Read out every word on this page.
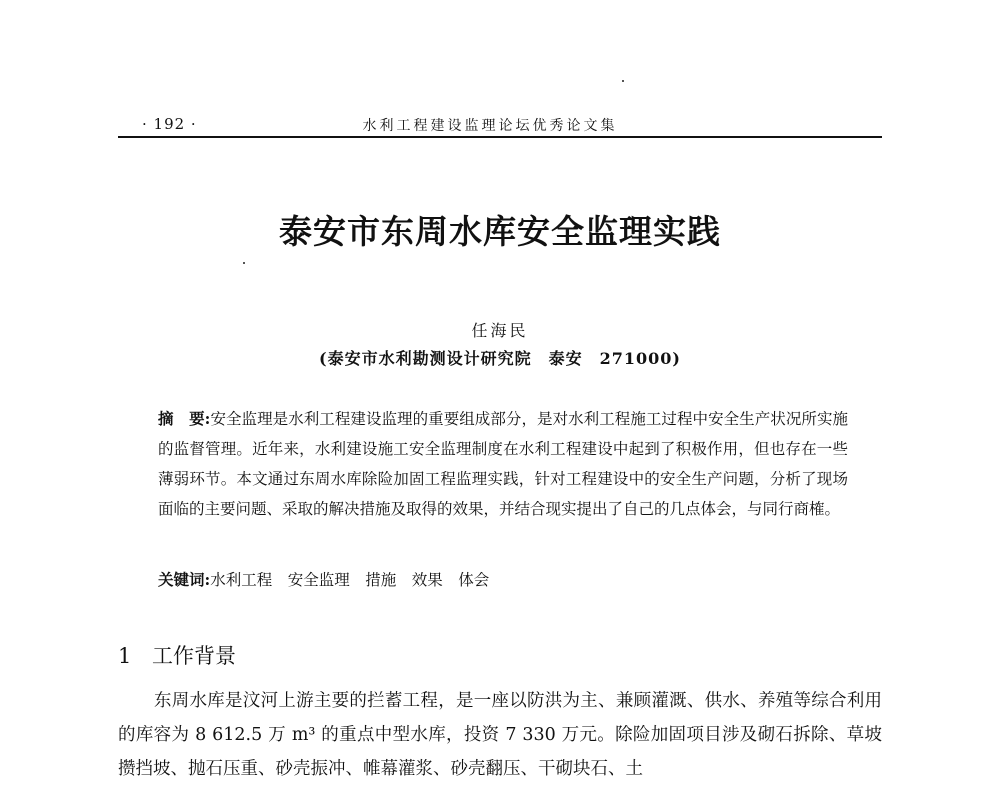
· 192 ·	水利工程建设监理论坛优秀论文集
泰安市东周水库安全监理实践
任海民
(泰安市水利勘测设计研究院　泰安　271000)
摘　要:安全监理是水利工程建设监理的重要组成部分，是对水利工程施工过程中安全生产状况所实施的监督管理。近年来，水利建设施工安全监理制度在水利工程建设中起到了积极作用，但也存在一些薄弱环节。本文通过东周水库除险加固工程监理实践，针对工程建设中的安全生产问题，分析了现场面临的主要问题、采取的解决措施及取得的效果，并结合现实提出了自己的几点体会，与同行商榷。
关键词:水利工程　安全监理　措施　效果　体会
1 工作背景
东周水库是汶河上游主要的拦蓄工程，是一座以防洪为主、兼顾灌溉、供水、养殖等综合利用的库容为 8 612.5 万 m³ 的重点中型水库，投资 7 330 万元。除险加固项目涉及砌石拆除、草坡攒挡坡、抛石压重、砂壳振冲、帷幕灌浆、砂壳翻压、干砌块石、土
